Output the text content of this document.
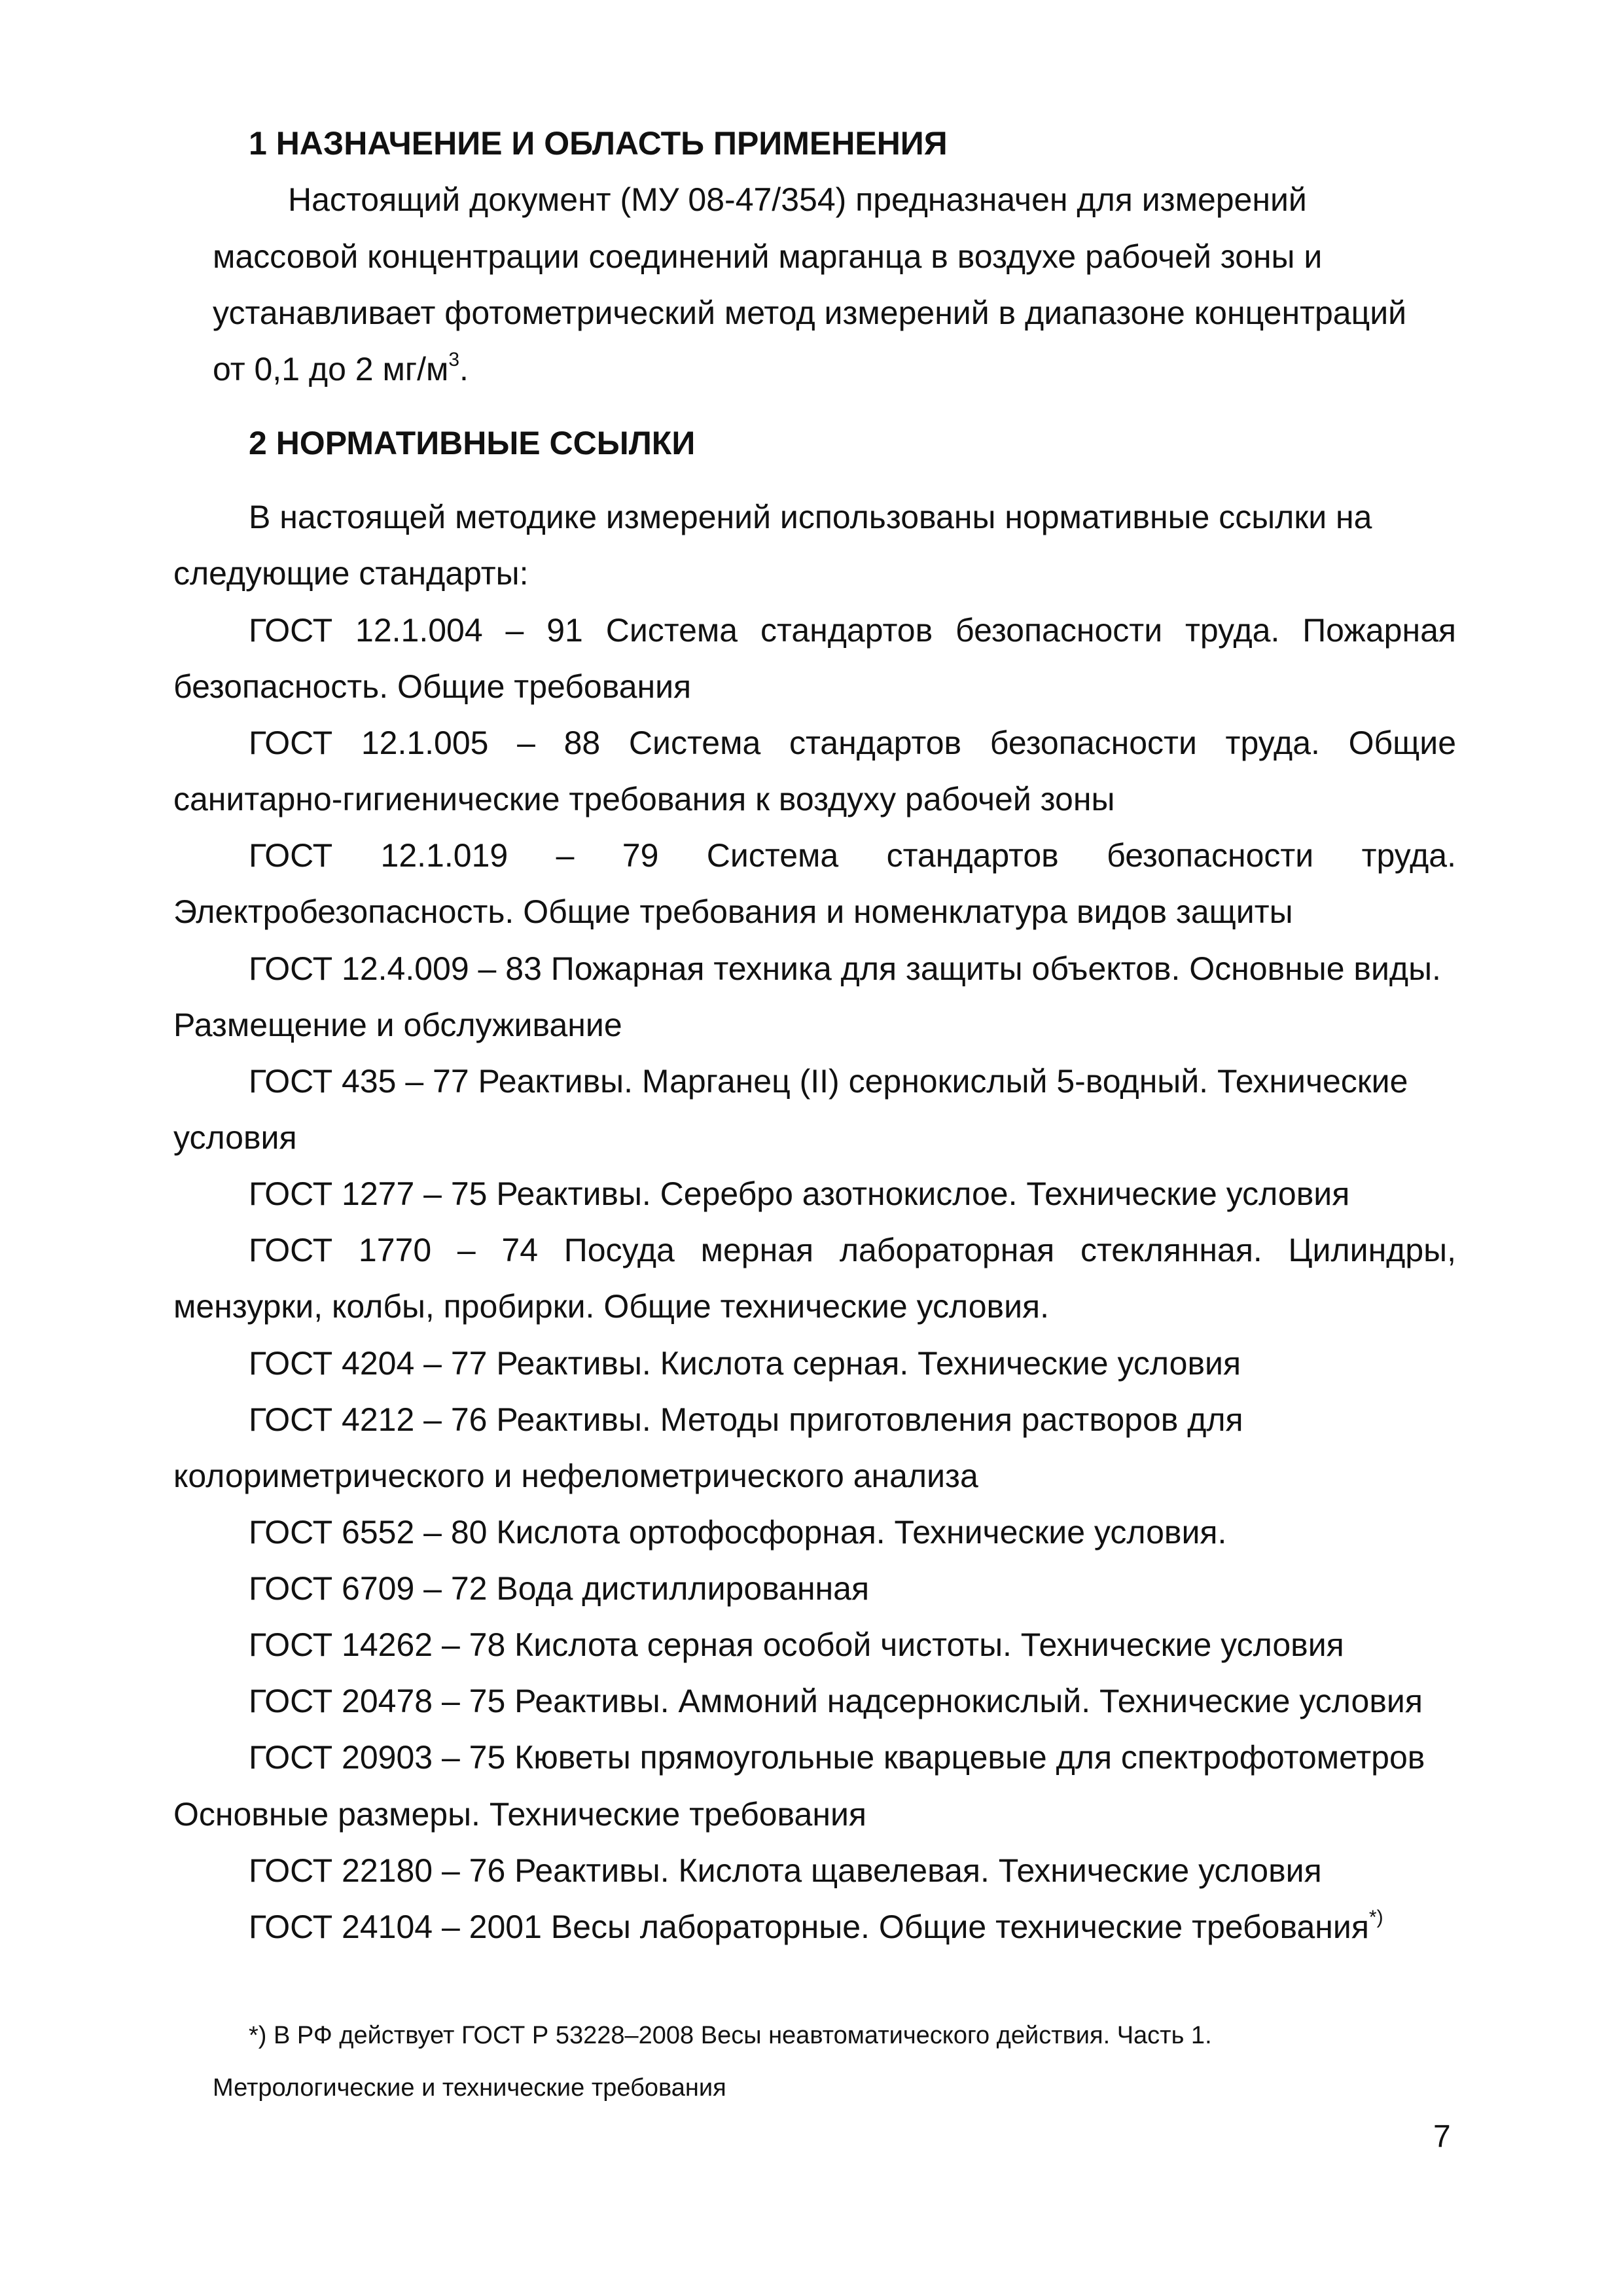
1 НАЗНАЧЕНИЕ И ОБЛАСТЬ ПРИМЕНЕНИЯ
Настоящий документ (МУ 08-47/354) предназначен для измерений
массовой концентрации соединений марганца в воздухе рабочей зоны и
устанавливает фотометрический метод измерений в диапазоне концентраций
от 0,1 до 2 $мг/м^3$.
2 НОРМАТИВНЫЕ ССЫЛКИ
В настоящей методике измерений использованы нормативные ссылки на
следующие стандарты:
ГОСТ 12.1.004 – 91 Система стандартов безопасности труда. Пожарная
безопасность. Общие требования
ГОСТ 12.1.005 – 88 Система стандартов безопасности труда. Общие
санитарно-гигиенические требования к воздуху рабочей зоны
ГОСТ 12.1.019 – 79 Система стандартов безопасности труда.
Электробезопасность. Общие требования и номенклатура видов защиты
ГОСТ 12.4.009 – 83 Пожарная техника для защиты объектов. Основные виды.
Размещение и обслуживание
ГОСТ 435 – 77 Реактивы. Марганец (II) сернокислый 5-водный. Технические
условия
ГОСТ 1277 – 75 Реактивы. Серебро азотнокислое. Технические условия
ГОСТ 1770 – 74 Посуда мерная лабораторная стеклянная. Цилиндры,
мензурки, колбы, пробирки. Общие технические условия.
ГОСТ 4204 – 77 Реактивы. Кислота серная. Технические условия
ГОСТ 4212 – 76 Реактивы. Методы приготовления растворов для
колориметрического и нефелометрического анализа
ГОСТ 6552 – 80 Кислота ортофосфорная. Технические условия.
ГОСТ 6709 – 72 Вода дистиллированная
ГОСТ 14262 – 78 Кислота серная особой чистоты. Технические условия
ГОСТ 20478 – 75 Реактивы. Аммоний надсернокислый. Технические условия
ГОСТ 20903 – 75 Кюветы прямоугольные кварцевые для спектрофотометров
Основные размеры. Технические требования
ГОСТ 22180 – 76 Реактивы. Кислота щавелевая. Технические условия
ГОСТ 24104 – 2001 Весы лабораторные. Общие технические требования*)
*) В РФ действует ГОСТ Р 53228–2008 Весы неавтоматического действия. Часть 1.
Метрологические и технические требования
7
